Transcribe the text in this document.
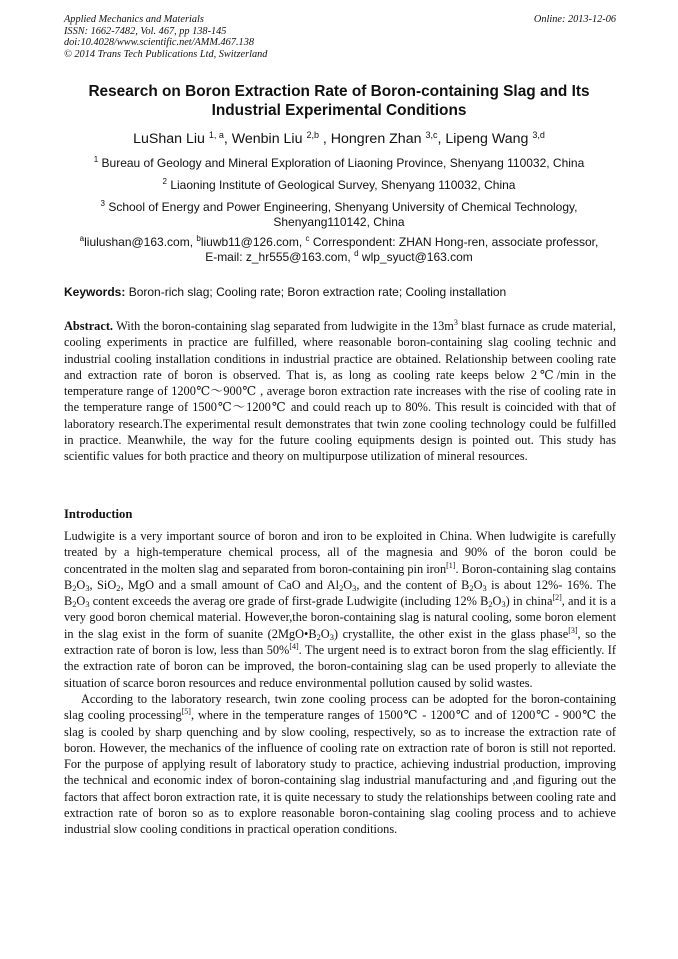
Applied Mechanics and Materials
ISSN: 1662-7482, Vol. 467, pp 138-145
doi:10.4028/www.scientific.net/AMM.467.138
© 2014 Trans Tech Publications Ltd, Switzerland
Online: 2013-12-06
Research on Boron Extraction Rate of Boron-containing Slag and Its
Industrial Experimental Conditions
LuShan Liu $^{1, a}$, Wenbin Liu $^{2,b}$ , Hongren Zhan $^{3,c}$, Lipeng Wang $^{3,d}$
$^1$ Bureau of Geology and Mineral Exploration of Liaoning Province, Shenyang 110032, China
$^2$ Liaoning Institute of Geological Survey, Shenyang 110032, China
$^3$ School of Energy and Power Engineering, Shenyang University of Chemical Technology,
Shenyang110142, China
$^a$liulushan@163.com, $^b$liuwb11@126.com, $^c$ Correspondent: ZHAN Hong-ren, associate professor,
E-mail: z_hr555@163.com, $^d$ wlp_syuct@163.com
Keywords: Boron-rich slag; Cooling rate; Boron extraction rate; Cooling installation
Abstract. With the boron-containing slag separated from ludwigite in the $13m^3$ blast furnace as crude material, cooling experiments in practice are fulfilled, where reasonable boron-containing slag cooling technic and industrial cooling installation conditions in industrial practice are obtained. Relationship between cooling rate and extraction rate of boron is observed. That is, as long as cooling rate keeps below 2℃/min in the temperature range of 1200℃～900℃ , average boron extraction rate increases with the rise of cooling rate in the temperature range of 1500℃～1200℃ and could reach up to 80%. This result is coincided with that of laboratory research.The experimental result demonstrates that twin zone cooling technology could be fulfilled in practice. Meanwhile, the way for the future cooling equipments design is pointed out. This study has scientific values for both practice and theory on multipurpose utilization of mineral resources.
Introduction

Ludwigite is a very important source of boron and iron to be exploited in China. When ludwigite is carefully treated by a high-temperature chemical process, all of the magnesia and 90% of the boron could be concentrated in the molten slag and separated from boron-containing pin iron[1]. Boron-containing slag contains $B_2O_3$, SiO$_2$, MgO and a small amount of CaO and $Al_2O_3$, and the content of $B_2O_3$ is about 12%- 16%. The $B_2O_3$ content exceeds the averag ore grade of first-grade Ludwigite (including 12% $B_2O_3$) in china[2], and it is a very good boron chemical material. However,the boron-containing slag is natural cooling, some boron element in the slag exist in the form of suanite $(2MgO•B_2O_3)$ crystallite, the other exist in the glass phase[3], so the extraction rate of boron is low, less than 50%[4]. The urgent need is to extract boron from the slag efficiently. If the extraction rate of boron can be improved, the boron-containing slag can be used properly to alleviate the situation of scarce boron resources and reduce environmental pollution caused by solid wastes.

According to the laboratory research, twin zone cooling process can be adopted for the boron-containing slag cooling processing[5], where in the temperature ranges of 1500℃ - 1200℃ and of 1200℃ - 900℃ the slag is cooled by sharp quenching and by slow cooling, respectively, so as to increase the extraction rate of boron. However, the mechanics of the influence of cooling rate on extraction rate of boron is still not reported. For the purpose of applying result of laboratory study to practice, achieving industrial production, improving the technical and economic index of boron-containing slag industrial manufacturing and ,and figuring out the factors that affect boron extraction rate, it is quite necessary to study the relationships between cooling rate and extraction rate of boron so as to explore reasonable boron-containing slag cooling process and to achieve industrial slow cooling conditions in practical operation conditions.
